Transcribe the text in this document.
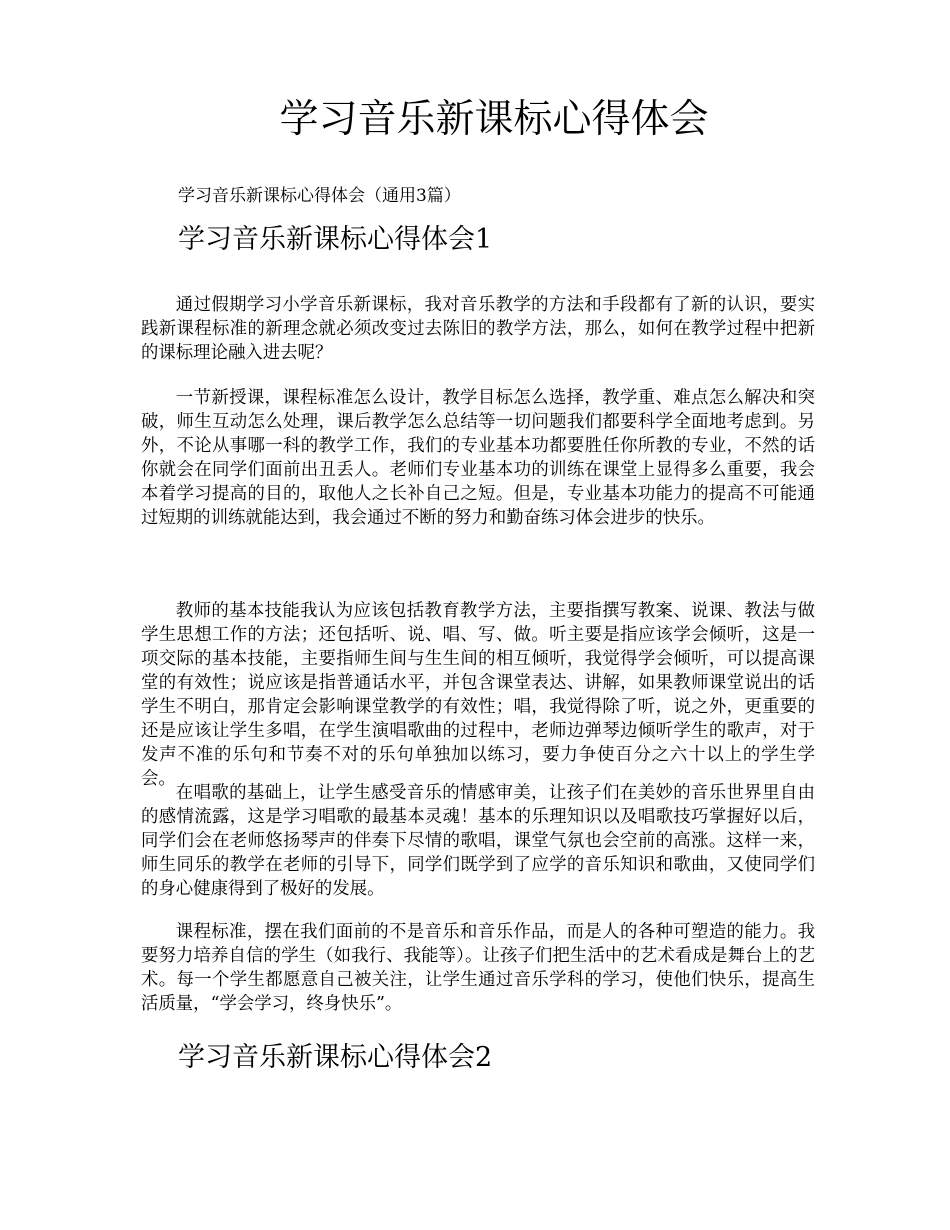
学习音乐新课标心得体会

学习音乐新课标心得体会（通用3篇）

学习音乐新课标心得体会1

通过假期学习小学音乐新课标，我对音乐教学的方法和手段都有了新的认识，要实践新课程标准的新理念就必须改变过去陈旧的教学方法，那么，如何在教学过程中把新的课标理论融入进去呢？

一节新授课，课程标准怎么设计，教学目标怎么选择，教学重、难点怎么解决和突破，师生互动怎么处理，课后教学怎么总结等一切问题我们都要科学全面地考虑到。另外，不论从事哪一科的教学工作，我们的专业基本功都要胜任你所教的专业，不然的话你就会在同学们面前出丑丢人。老师们专业基本功的训练在课堂上显得多么重要，我会本着学习提高的目的，取他人之长补自己之短。但是，专业基本功能力的提高不可能通过短期的训练就能达到，我会通过不断的努力和勤奋练习体会进步的快乐。

教师的基本技能我认为应该包括教育教学方法，主要指撰写教案、说课、教法与做学生思想工作的方法；还包括听、说、唱、写、做。听主要是指应该学会倾听，这是一项交际的基本技能，主要指师生间与生生间的相互倾听，我觉得学会倾听，可以提高课堂的有效性；说应该是指普通话水平，并包含课堂表达、讲解，如果教师课堂说出的话学生不明白，那肯定会影响课堂教学的有效性；唱，我觉得除了听，说之外，更重要的还是应该让学生多唱，在学生演唱歌曲的过程中，老师边弹琴边倾听学生的歌声，对于发声不准的乐句和节奏不对的乐句单独加以练习，要力争使百分之六十以上的学生学会。

在唱歌的基础上，让学生感受音乐的情感审美，让孩子们在美妙的音乐世界里自由的感情流露，这是学习唱歌的最基本灵魂！基本的乐理知识以及唱歌技巧掌握好以后，同学们会在老师悠扬琴声的伴奏下尽情的歌唱，课堂气氛也会空前的高涨。这样一来，师生同乐的教学在老师的引导下，同学们既学到了应学的音乐知识和歌曲，又使同学们的身心健康得到了极好的发展。

课程标准，摆在我们面前的不是音乐和音乐作品，而是人的各种可塑造的能力。我要努力培养自信的学生（如我行、我能等）。让孩子们把生活中的艺术看成是舞台上的艺术。每一个学生都愿意自己被关注，让学生通过音乐学科的学习，使他们快乐，提高生活质量，“学会学习，终身快乐”。

学习音乐新课标心得体会2
